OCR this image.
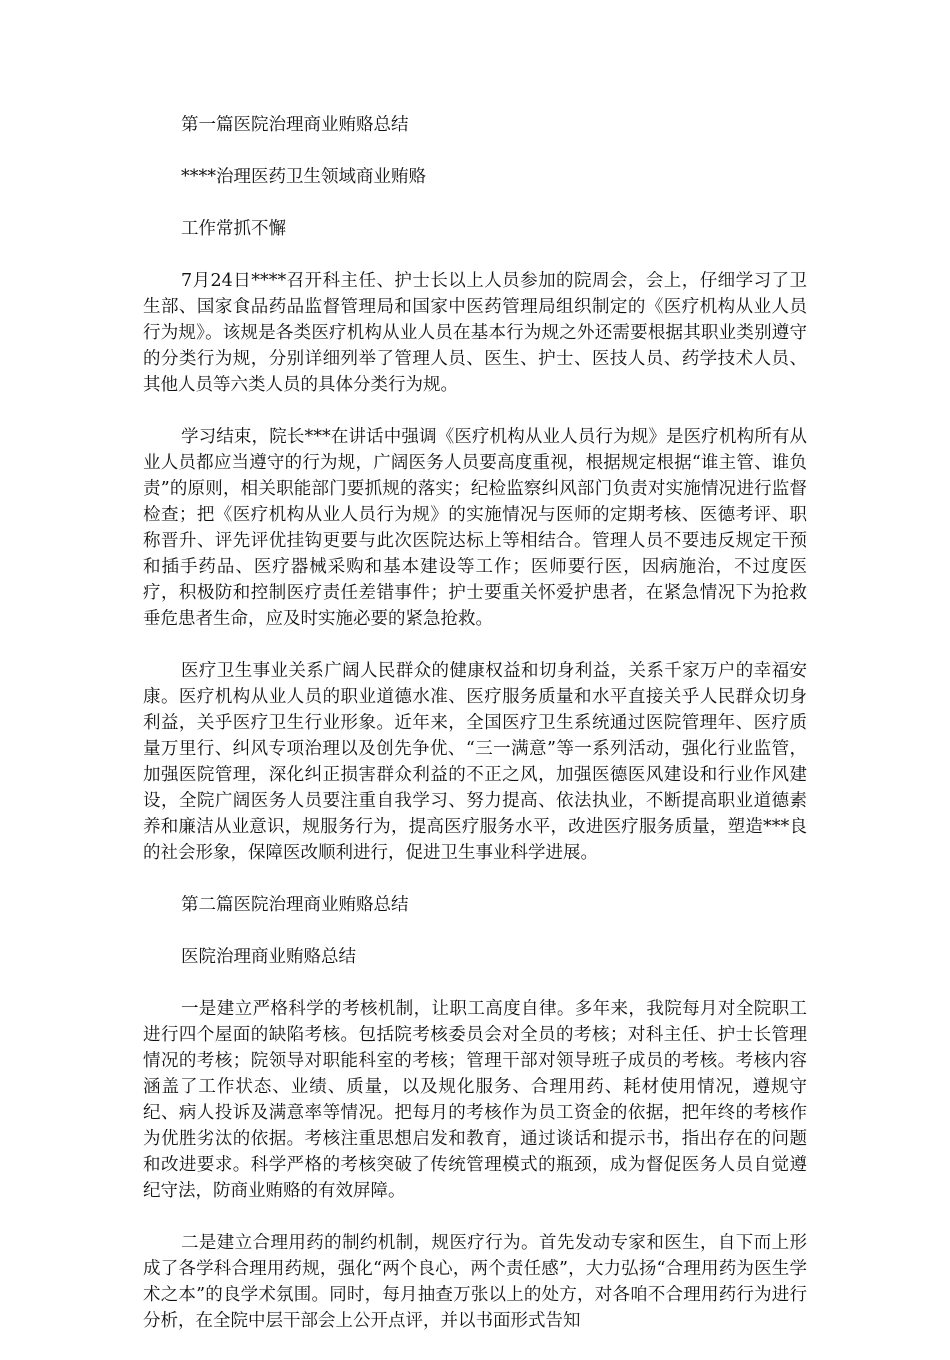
第一篇医院治理商业贿赂总结

****治理医药卫生领域商业贿赂

工作常抓不懈

7月24日****召开科主任、护士长以上人员参加的院周会，会上，仔细学习了卫生部、国家食品药品监督管理局和国家中医药管理局组织制定的《医疗机构从业人员行为规》。该规是各类医疗机构从业人员在基本行为规之外还需要根据其职业类别遵守的分类行为规，分别详细列举了管理人员、医生、护士、医技人员、药学技术人员、其他人员等六类人员的具体分类行为规。

学习结束，院长***在讲话中强调《医疗机构从业人员行为规》是医疗机构所有从业人员都应当遵守的行为规，广阔医务人员要高度重视，根据规定根据“谁主管、谁负责”的原则，相关职能部门要抓规的落实；纪检监察纠风部门负责对实施情况进行监督检查；把《医疗机构从业人员行为规》的实施情况与医师的定期考核、医德考评、职称晋升、评先评优挂钩更要与此次医院达标上等相结合。管理人员不要违反规定干预和插手药品、医疗器械采购和基本建设等工作；医师要行医，因病施治，不过度医疗，积极防和控制医疗责任差错事件；护士要重关怀爱护患者，在紧急情况下为抢救垂危患者生命，应及时实施必要的紧急抢救。

医疗卫生事业关系广阔人民群众的健康权益和切身利益，关系千家万户的幸福安康。医疗机构从业人员的职业道德水准、医疗服务质量和水平直接关乎人民群众切身利益，关乎医疗卫生行业形象。近年来，全国医疗卫生系统通过医院管理年、医疗质量万里行、纠风专项治理以及创先争优、“三一满意”等一系列活动，强化行业监管，加强医院管理，深化纠正损害群众利益的不正之风，加强医德医风建设和行业作风建设，全院广阔医务人员要注重自我学习、努力提高、依法执业，不断提高职业道德素养和廉洁从业意识，规服务行为，提高医疗服务水平，改进医疗服务质量，塑造***良的社会形象，保障医改顺利进行，促进卫生事业科学进展。

第二篇医院治理商业贿赂总结

医院治理商业贿赂总结

一是建立严格科学的考核机制，让职工高度自律。多年来，我院每月对全院职工进行四个屋面的缺陷考核。包括院考核委员会对全员的考核；对科主任、护士长管理情况的考核；院领导对职能科室的考核；管理干部对领导班子成员的考核。考核内容涵盖了工作状态、业绩、质量，以及规化服务、合理用药、耗材使用情况，遵规守纪、病人投诉及满意率等情况。把每月的考核作为员工资金的依据，把年终的考核作为优胜劣汰的依据。考核注重思想启发和教育，通过谈话和提示书，指出存在的问题和改进要求。科学严格的考核突破了传统管理模式的瓶颈，成为督促医务人员自觉遵纪守法，防商业贿赂的有效屏障。

二是建立合理用药的制约机制，规医疗行为。首先发动专家和医生，自下而上形成了各学科合理用药规，强化“两个良心，两个责任感”，大力弘扬“合理用药为医生学术之本”的良学术氛围。同时，每月抽查万张以上的处方，对各咱不合理用药行为进行分析，在全院中层干部会上公开点评，并以书面形式告知
